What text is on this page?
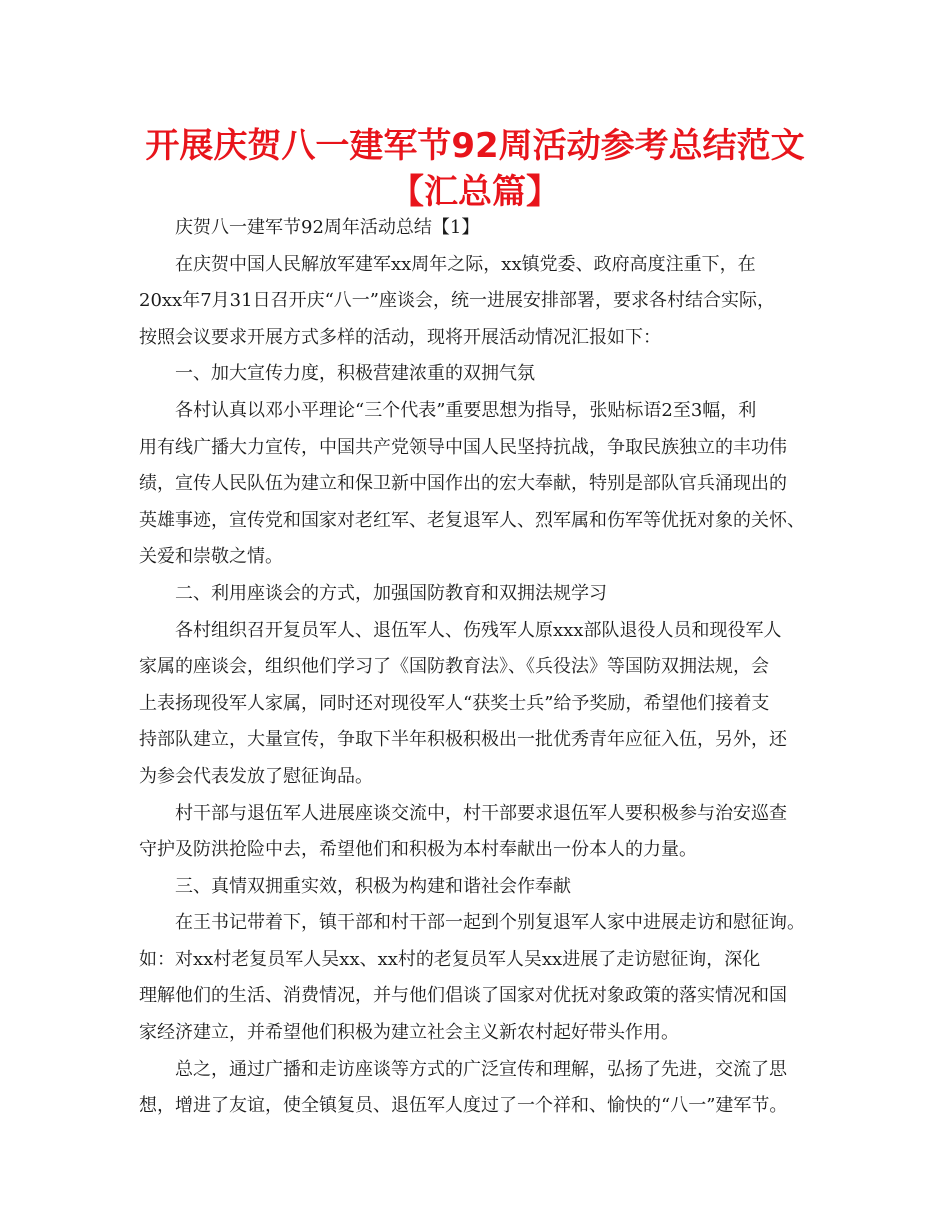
开展庆贺八一建军节92周活动参考总结范文
【汇总篇】

庆贺八一建军节92周年活动总结【1】

在庆贺中国人民解放军建军xx周年之际，xx镇党委、政府高度注重下，在

20xx年7月31日召开庆“八一”座谈会，统一进展安排部署，要求各村结合实际，

按照会议要求开展方式多样的活动，现将开展活动情况汇报如下：

一、加大宣传力度，积极营建浓重的双拥气氛

各村认真以邓小平理论“三个代表”重要思想为指导，张贴标语2至3幅，利

用有线广播大力宣传，中国共产党领导中国人民坚持抗战，争取民族独立的丰功伟

绩，宣传人民队伍为建立和保卫新中国作出的宏大奉献，特别是部队官兵涌现出的

英雄事迹，宣传党和国家对老红军、老复退军人、烈军属和伤军等优抚对象的关怀、

关爱和崇敬之情。

二、利用座谈会的方式，加强国防教育和双拥法规学习

各村组织召开复员军人、退伍军人、伤残军人原xxx部队退役人员和现役军人

家属的座谈会，组织他们学习了《国防教育法》、《兵役法》等国防双拥法规，会

上表扬现役军人家属，同时还对现役军人“获奖士兵”给予奖励，希望他们接着支

持部队建立，大量宣传，争取下半年积极积极出一批优秀青年应征入伍，另外，还

为参会代表发放了慰征询品。

村干部与退伍军人进展座谈交流中，村干部要求退伍军人要积极参与治安巡查

守护及防洪抢险中去，希望他们和积极为本村奉献出一份本人的力量。

三、真情双拥重实效，积极为构建和谐社会作奉献

在王书记带着下，镇干部和村干部一起到个别复退军人家中进展走访和慰征询。

如：对xx村老复员军人吴xx、xx村的老复员军人吴xx进展了走访慰征询，深化

理解他们的生活、消费情况，并与他们倡谈了国家对优抚对象政策的落实情况和国

家经济建立，并希望他们积极为建立社会主义新农村起好带头作用。

总之，通过广播和走访座谈等方式的广泛宣传和理解，弘扬了先进，交流了思

想，增进了友谊，使全镇复员、退伍军人度过了一个祥和、愉快的“八一”建军节。
